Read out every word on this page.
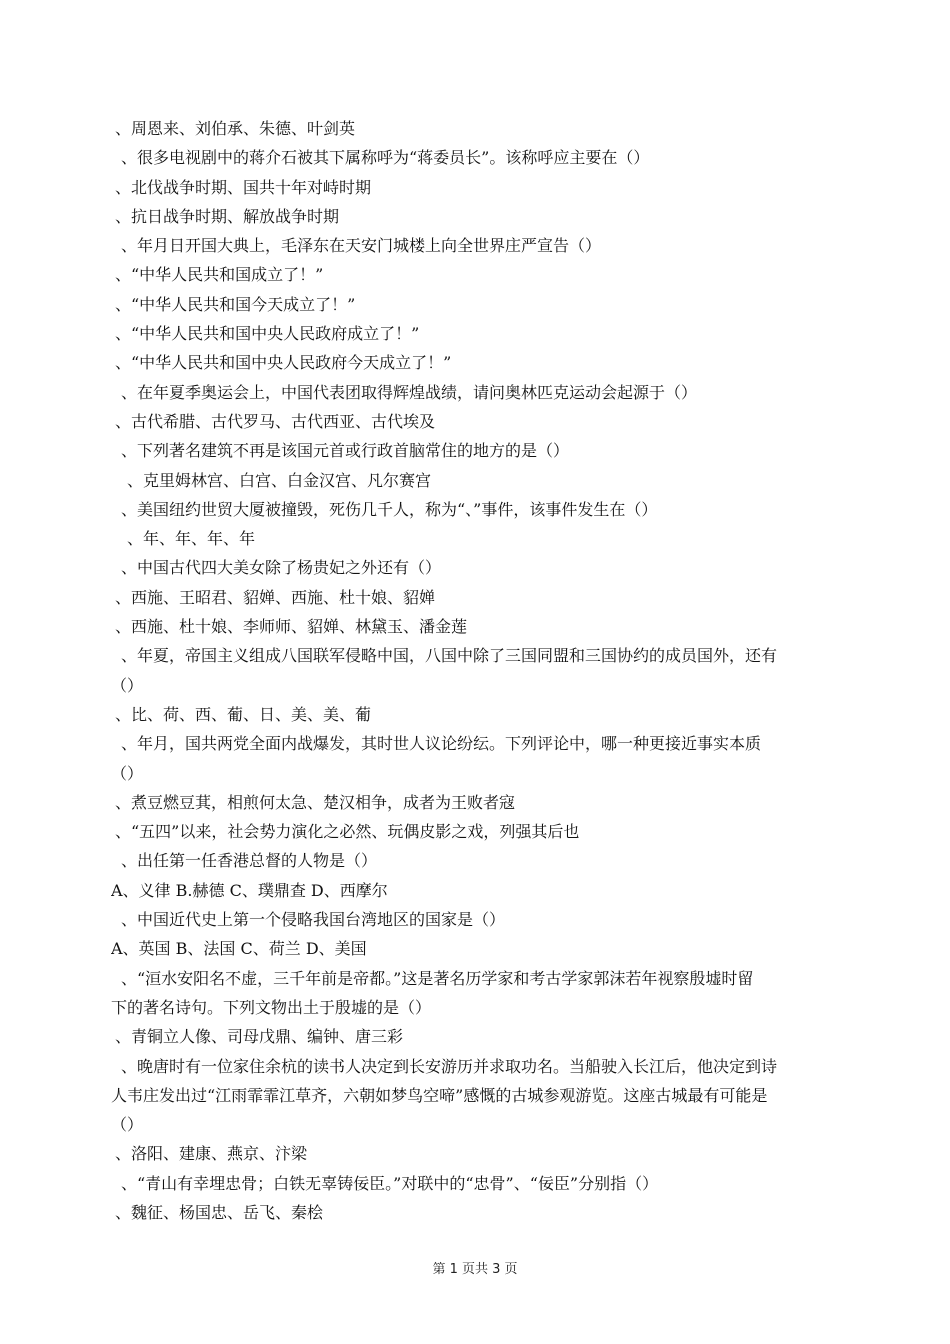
、周恩来、刘伯承、朱德、叶剑英
、很多电视剧中的蒋介石被其下属称呼为“蒋委员长”。该称呼应主要在（）
、北伐战争时期、国共十年对峙时期
、抗日战争时期、解放战争时期
、年月日开国大典上，毛泽东在天安门城楼上向全世界庄严宣告（）
、“中华人民共和国成立了！”
、“中华人民共和国今天成立了！”
、“中华人民共和国中央人民政府成立了！”
、“中华人民共和国中央人民政府今天成立了！”
、在年夏季奥运会上，中国代表团取得辉煌战绩，请问奥林匹克运动会起源于（）
、古代希腊、古代罗马、古代西亚、古代埃及
、下列著名建筑不再是该国元首或行政首脑常住的地方的是（）
、克里姆林宫、白宫、白金汉宫、凡尔赛宫
、美国纽约世贸大厦被撞毁，死伤几千人，称为“、”事件，该事件发生在（）
、年、年、年、年
、中国古代四大美女除了杨贵妃之外还有（）
、西施、王昭君、貂婵、西施、杜十娘、貂婵
、西施、杜十娘、李师师、貂婵、林黛玉、潘金莲
、年夏，帝国主义组成八国联军侵略中国，八国中除了三国同盟和三国协约的成员国外，还有
（）
、比、荷、西、葡、日、美、美、葡
、年月，国共两党全面内战爆发，其时世人议论纷纭。下列评论中，哪一种更接近事实本质
（）
、煮豆燃豆萁，相煎何太急、楚汉相争，成者为王败者寇
、“五四”以来，社会势力演化之必然、玩偶皮影之戏，列强其后也
、出任第一任香港总督的人物是（）
A、义律 B.赫德 C、璞鼎查 D、西摩尔
、中国近代史上第一个侵略我国台湾地区的国家是（）
A、英国 B、法国 C、荷兰 D、美国
、“洹水安阳名不虚，三千年前是帝都。”这是著名历学家和考古学家郭沫若年视察殷墟时留
下的著名诗句。下列文物出土于殷墟的是（）
、青铜立人像、司母戊鼎、编钟、唐三彩
、晚唐时有一位家住余杭的读书人决定到长安游历并求取功名。当船驶入长江后，他决定到诗
人韦庄发出过“江雨霏霏江草齐，六朝如梦鸟空啼”感慨的古城参观游览。这座古城最有可能是
（）
、洛阳、建康、燕京、汴梁
、“青山有幸埋忠骨；白铁无辜铸佞臣。”对联中的“忠骨”、“佞臣”分别指（）
、魏征、杨国忠、岳飞、秦桧
第 1 页共 3 页
